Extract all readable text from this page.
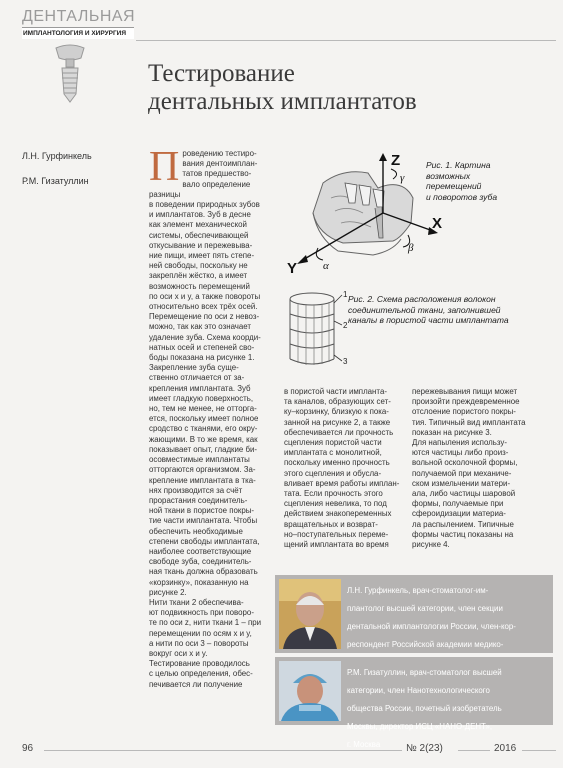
ДЕНТАЛЬНАЯ
ИМПЛАНТОЛОГИЯ И ХИРУРГИЯ
Тестирование
дентальных имплантатов
Л.Н. Гурфинкель
Р.М. Гизатуллин П роведению тестиро-

вания дентоимплан-

татов предшество-

вало определение разницы

в поведении природных зубов

и имплантатов. Зуб в десне

как элемент механической

системы, обеспечивающей

откусывание и пережевыва-

ние пищи, имеет пять степе-

ней свободы, поскольку не

закреплён жёстко, а имеет

возможность перемещений

по оси x и y, а также повороты

относительно всех трёх осей.

Перемещение по оси z невоз-

можно, так как это означает

удаление зуба. Схема коорди-

натных осей и степеней сво-

боды показана на рисунке 1.

Закрепление зуба суще-

ственно отличается от за-

крепления имплантата. Зуб

имеет гладкую поверхность,

но, тем не менее, не отторга-

ется, поскольку имеет полное

сродство с тканями, его окру-

жающими. В то же время, как

показывает опыт, гладкие би-

осовместимые имплантаты

отторгаются организмом. За-

крепление имплантата в тка-

нях производится за счёт

прорастания соединитель-

ной ткани в пористое покры-

тие части имплантата. Чтобы

обеспечить необходимые

степени свободы имплантата,

наиболее соответствующие

свободе зуба, соединитель-

ная ткань должна образовать

«корзинку», показанную на

рисунке 2.

Нити ткани 2 обеспечива-

ют подвижность при поворо-

те по оси z, нити ткани 1 – при

перемещении по осям x и y,

а нити по оси 3 – повороты

вокруг оси x и y.

Тестирование проводилось

с целью определения, обес-

печивается ли получение

в пористой части импланта-

та каналов, образующих сет-

ку–корзинку, близкую к пока-

занной на рисунке 2, а также

обеспечивается ли прочность

сцепления пористой части

имплантата с монолитной,

поскольку именно прочность

этого сцепления и обусла-

вливает время работы имплан-

тата. Если прочность этого

сцепления невелика, то под

действием знакопеременных

вращательных и возврат-

но–поступательных переме-

щений имплантата во время

пережевывания пищи может

произойти преждевременное

отслоение пористого покры-

тия. Типичный вид имплантата

показан на рисунке 3.

Для напыления использу-

ются частицы либо произ-

вольной осколочной формы,

получаемой при механиче-

ском измельчении матери-

ала, либо частицы шаровой

формы, получаемые при

сфероидизации материа-

ла распылением. Типичные

формы частиц показаны на

рисунке 4.

Z
γ
X
β
Y α
Рис. 1. Картина
возможных
перемещений
и поворотов зуба
1
2
3
Рис. 2. Схема расположения волокон
соединительной ткани, заполнившей
каналы в пористой части имплантата

Л.Н. Гурфинкель, врач-стоматолог-им-

плантолог высшей категории, член секции

дентальной имплантологии России, член-кор-

респондент Российской академии медико-

Р.М. Гизатуллин, врач-стоматолог высшей

категории, член Нанотехнологического

общества России, почетный изобретатель

Москвы, директор ИСЦ «НАНО-ДЕНТ»,

г. Москва

96	№ 2(23)	2016
